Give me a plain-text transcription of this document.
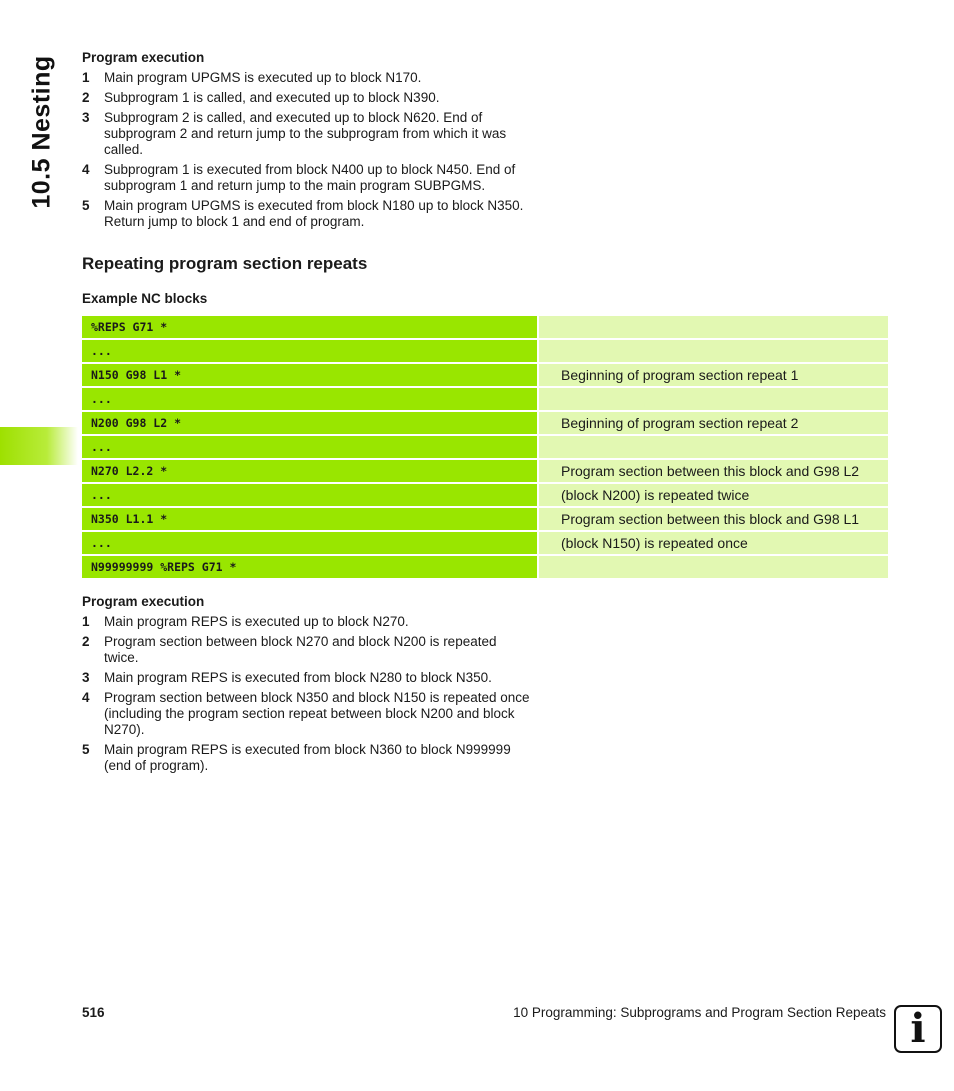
10.5 Nesting Program execution

1 Main program UPGMS is executed up to block N170.
2 Subprogram 1 is called, and executed up to block N390.
3 Subprogram 2 is called, and executed up to block N620. End of subprogram 2 and return jump to the subprogram from which it was called.
4 Subprogram 1 is executed from block N400 up to block N450. End of subprogram 1 and return jump to the main program SUBPGMS.
5 Main program UPGMS is executed from block N180 up to block N350. Return jump to block 1 and end of program.
Repeating program section repeats

Example NC blocks

%REPS G71 *		
...		
N150 G98 L1 *		Beginning of program section repeat 1
...		
N200 G98 L2 *		Beginning of program section repeat 2
...		
N270 L2.2 *		Program section between this block and G98 L2
...		(block N200) is repeated twice
N350 L1.1 *		Program section between this block and G98 L1
...		(block N150) is repeated once
N99999999 %REPS G71 *		

Program execution

1 Main program REPS is executed up to block N270.
2 Program section between block N270 and block N200 is repeated twice.
3 Main program REPS is executed from block N280 to block N350.
4 Program section between block N350 and block N150 is repeated once (including the program section repeat between block N200 and block N270).
5 Main program REPS is executed from block N360 to block N999999 (end of program).
516	10 Programming: Subprograms and Program Section Repeats i
